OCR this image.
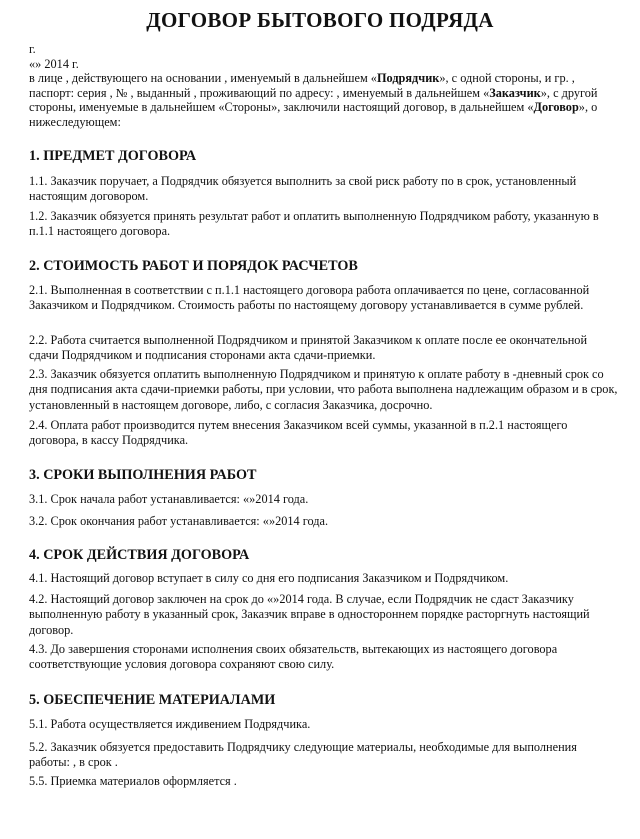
ДОГОВОР БЫТОВОГО ПОДРЯДА

г.

«» 2014 г.

в лице , действующего на основании , именуемый в дальнейшем «Подрядчик», с одной стороны, и гр. , паспорт: серия , № , выданный , проживающий по адресу: , именуемый в дальнейшем «Заказчик», с другой стороны, именуемые в дальнейшем «Стороны», заключили настоящий договор, в дальнейшем «Договор», о нижеследующем:

1. ПРЕДМЕТ ДОГОВОРА

1.1. Заказчик поручает, а Подрядчик обязуется выполнить за свой риск работу по в срок, установленный настоящим договором.

1.2. Заказчик обязуется принять результат работ и оплатить выполненную Подрядчиком работу, указанную в п.1.1 настоящего договора.

2. СТОИМОСТЬ РАБОТ И ПОРЯДОК РАСЧЕТОВ

2.1. Выполненная в соответствии с п.1.1 настоящего договора работа оплачивается по цене, согласованной Заказчиком и Подрядчиком. Стоимость работы по настоящему договору устанавливается в сумме рублей.

2.2. Работа считается выполненной Подрядчиком и принятой Заказчиком к оплате после ее окончательной сдачи Подрядчиком и подписания сторонами акта сдачи-приемки.

2.3. Заказчик обязуется оплатить выполненную Подрядчиком и принятую к оплате работу в -дневный срок со дня подписания акта сдачи-приемки работы, при условии, что работа выполнена надлежащим образом и в срок, установленный в настоящем договоре, либо, с согласия Заказчика, досрочно.

2.4. Оплата работ производится путем внесения Заказчиком всей суммы, указанной в п.2.1 настоящего договора, в кассу Подрядчика.

3. СРОКИ ВЫПОЛНЕНИЯ РАБОТ

3.1. Срок начала работ устанавливается: «»2014 года.

3.2. Срок окончания работ устанавливается: «»2014 года.

4. СРОК ДЕЙСТВИЯ ДОГОВОРА

4.1. Настоящий договор вступает в силу со дня его подписания Заказчиком и Подрядчиком.

4.2. Настоящий договор заключен на срок до «»2014 года. В случае, если Подрядчик не сдаст Заказчику выполненную работу в указанный срок, Заказчик вправе в одностороннем порядке расторгнуть настоящий договор.

4.3. До завершения сторонами исполнения своих обязательств, вытекающих из настоящего договора соответствующие условия договора сохраняют свою силу.

5. ОБЕСПЕЧЕНИЕ МАТЕРИАЛАМИ

5.1. Работа осуществляется иждивением Подрядчика.

5.2. Заказчик обязуется предоставить Подрядчику следующие материалы, необходимые для выполнения работы: , в срок .

5.5. Приемка материалов оформляется .
